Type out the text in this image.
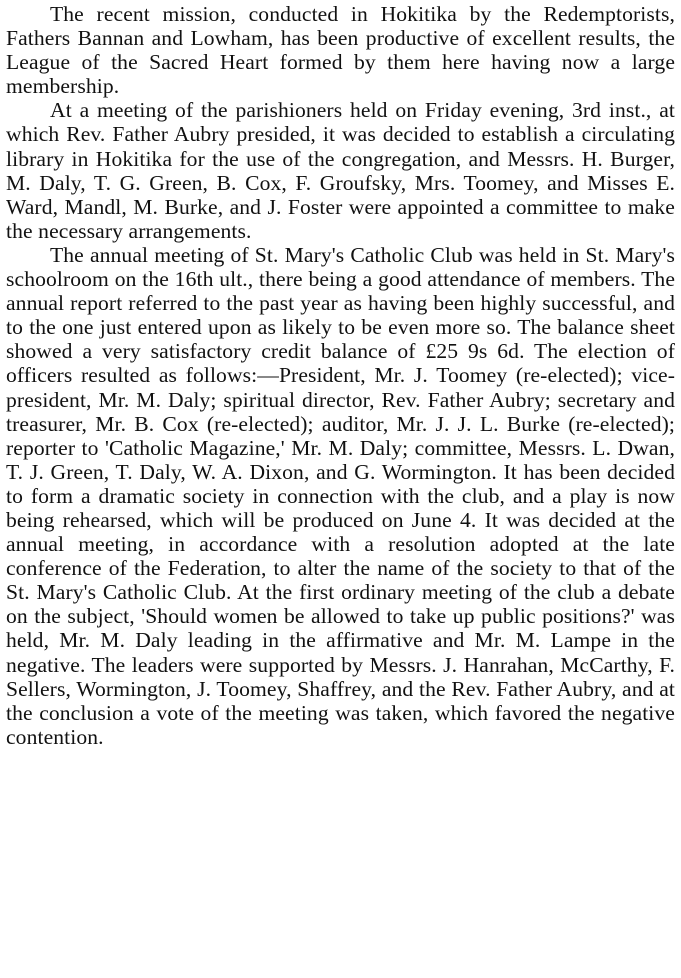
The recent mission, conducted in Hokitika by the Redemptorists, Fathers Bannan and Lowham, has been productive of excellent results, the League of the Sacred Heart formed by them here having now a large membership.

At a meeting of the parishioners held on Friday evening, 3rd inst., at which Rev. Father Aubry presided, it was decided to establish a circulating library in Hokitika for the use of the congregation, and Messrs. H. Burger, M. Daly, T. G. Green, B. Cox, F. Groufsky, Mrs. Toomey, and Misses E. Ward, Mandl, M. Burke, and J. Foster were appointed a committee to make the necessary arrangements.

The annual meeting of St. Mary's Catholic Club was held in St. Mary's schoolroom on the 16th ult., there being a good attendance of members. The annual report referred to the past year as having been highly successful, and to the one just entered upon as likely to be even more so. The balance sheet showed a very satisfactory credit balance of £25 9s 6d. The election of officers resulted as follows:—President, Mr. J. Toomey (re-elected); vice-president, Mr. M. Daly; spiritual director, Rev. Father Aubry; secretary and treasurer, Mr. B. Cox (re-elected); auditor, Mr. J. J. L. Burke (re-elected); reporter to 'Catholic Magazine,' Mr. M. Daly; committee, Messrs. L. Dwan, T. J. Green, T. Daly, W. A. Dixon, and G. Wormington. It has been decided to form a dramatic society in connection with the club, and a play is now being rehearsed, which will be produced on June 4. It was decided at the annual meeting, in accordance with a resolution adopted at the late conference of the Federation, to alter the name of the society to that of the St. Mary's Catholic Club. At the first ordinary meeting of the club a debate on the subject, 'Should women be allowed to take up public positions?' was held, Mr. M. Daly leading in the affirmative and Mr. M. Lampe in the negative. The leaders were supported by Messrs. J. Hanrahan, McCarthy, F. Sellers, Wormington, J. Toomey, Shaffrey, and the Rev. Father Aubry, and at the conclusion a vote of the meeting was taken, which favored the negative contention.
